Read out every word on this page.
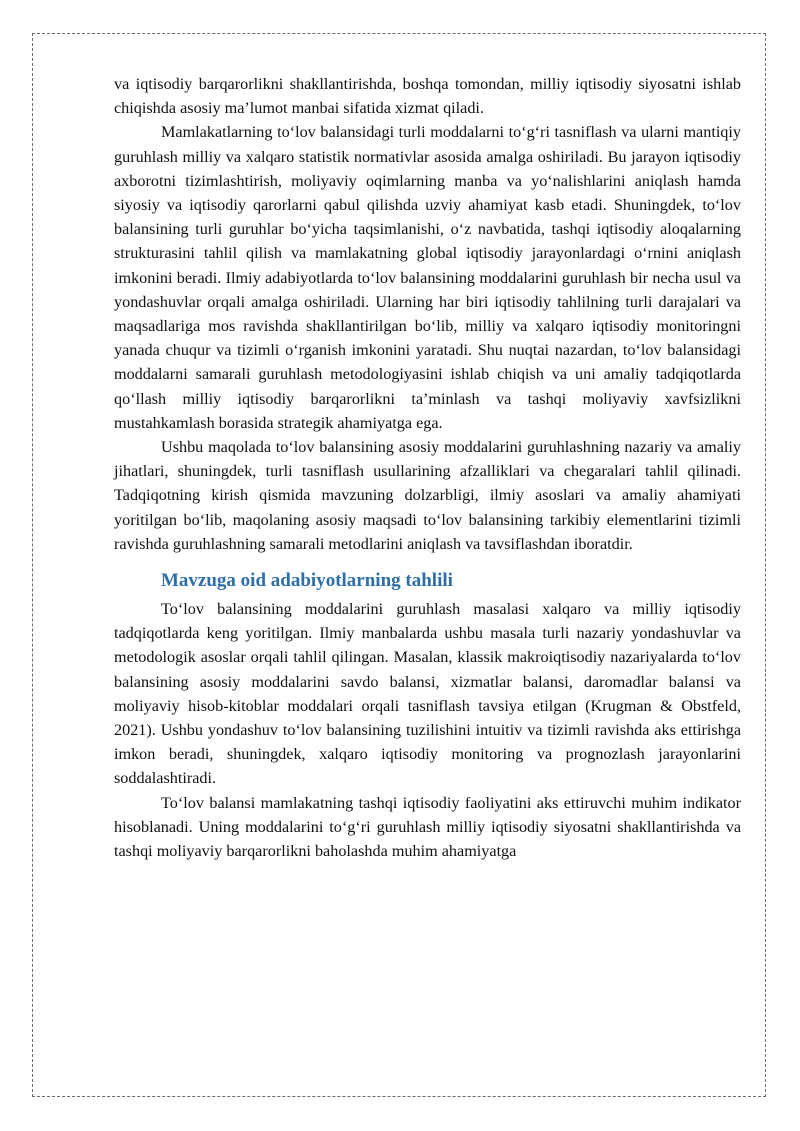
va iqtisodiy barqarorlikni shakllantirishda, boshqa tomondan, milliy iqtisodiy siyosatni ishlab chiqishda asosiy ma’lumot manbai sifatida xizmat qiladi.

Mamlakatlarning to‘lov balansidagi turli moddalarni to‘g‘ri tasniflash va ularni mantiqiy guruhlash milliy va xalqaro statistik normativlar asosida amalga oshiriladi. Bu jarayon iqtisodiy axborotni tizimlashtirish, moliyaviy oqimlarning manba va yo‘nalishlarini aniqlash hamda siyosiy va iqtisodiy qarorlarni qabul qilishda uzviy ahamiyat kasb etadi. Shuningdek, to‘lov balansining turli guruhlar bo‘yicha taqsimlanishi, o‘z navbatida, tashqi iqtisodiy aloqalarning strukturasini tahlil qilish va mamlakatning global iqtisodiy jarayonlardagi o‘rnini aniqlash imkonini beradi. Ilmiy adabiyotlarda to‘lov balansining moddalarini guruhlash bir necha usul va yondashuvlar orqali amalga oshiriladi. Ularning har biri iqtisodiy tahlilning turli darajalari va maqsadlariga mos ravishda shakllantirilgan bo‘lib, milliy va xalqaro iqtisodiy monitoringni yanada chuqur va tizimli o‘rganish imkonini yaratadi. Shu nuqtai nazardan, to‘lov balansidagi moddalarni samarali guruhlash metodologiyasini ishlab chiqish va uni amaliy tadqiqotlarda qo‘llash milliy iqtisodiy barqarorlikni ta’minlash va tashqi moliyaviy xavfsizlikni mustahkamlash borasida strategik ahamiyatga ega.

Ushbu maqolada to‘lov balansining asosiy moddalarini guruhlashning nazariy va amaliy jihatlari, shuningdek, turli tasniflash usullarining afzalliklari va chegaralari tahlil qilinadi. Tadqiqotning kirish qismida mavzuning dolzarbligi, ilmiy asoslari va amaliy ahamiyati yoritilgan bo‘lib, maqolaning asosiy maqsadi to‘lov balansining tarkibiy elementlarini tizimli ravishda guruhlashning samarali metodlarini aniqlash va tavsiflashdan iboratdir.

Mavzuga oid adabiyotlarning tahlili

To‘lov balansining moddalarini guruhlash masalasi xalqaro va milliy iqtisodiy tadqiqotlarda keng yoritilgan. Ilmiy manbalarda ushbu masala turli nazariy yondashuvlar va metodologik asoslar orqali tahlil qilingan. Masalan, klassik makroiqtisodiy nazariyalarda to‘lov balansining asosiy moddalarini savdo balansi, xizmatlar balansi, daromadlar balansi va moliyaviy hisob-kitoblar moddalari orqali tasniflash tavsiya etilgan (Krugman & Obstfeld, 2021). Ushbu yondashuv to‘lov balansining tuzilishini intuitiv va tizimli ravishda aks ettirishga imkon beradi, shuningdek, xalqaro iqtisodiy monitoring va prognozlash jarayonlarini soddalashtiradi.

To‘lov balansi mamlakatning tashqi iqtisodiy faoliyatini aks ettiruvchi muhim indikator hisoblanadi. Uning moddalarini to‘g‘ri guruhlash milliy iqtisodiy siyosatni shakllantirishda va tashqi moliyaviy barqarorlikni baholashda muhim ahamiyatga
